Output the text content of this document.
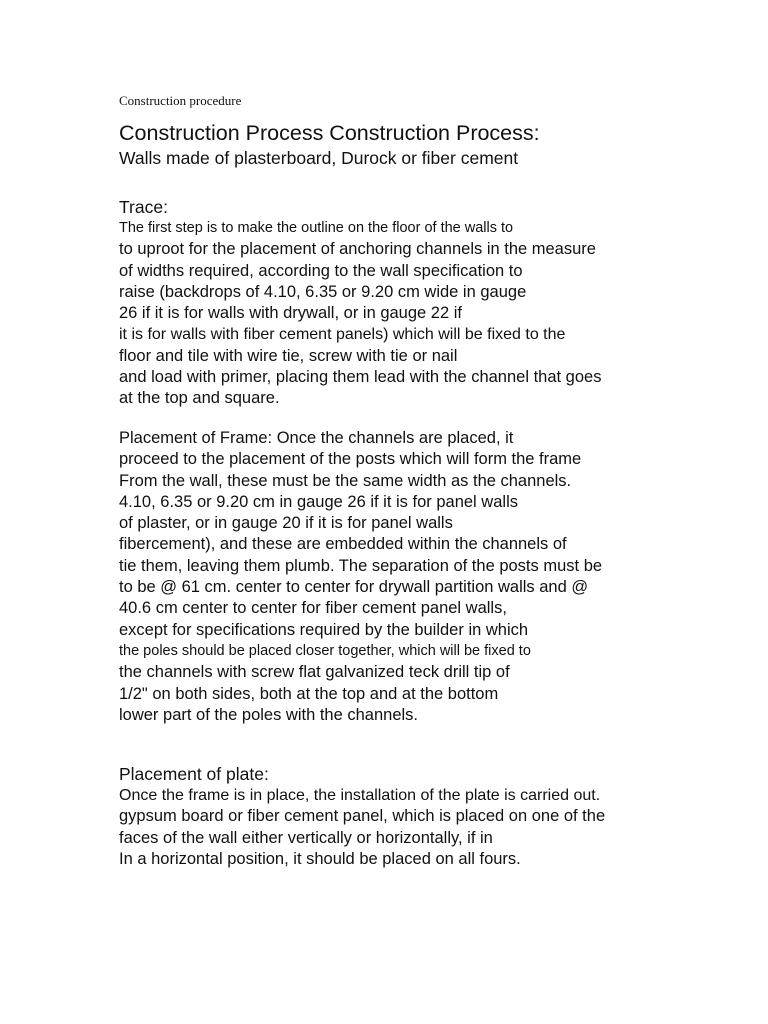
Construction procedure
Construction Process Construction Process:
Walls made of plasterboard, Durock or fiber cement
Trace:
The first step is to make the outline on the floor of the walls to
to uproot for the placement of anchoring channels in the measure
of widths required, according to the wall specification to
raise (backdrops of 4.10, 6.35 or 9.20 cm wide in gauge
26 if it is for walls with drywall, or in gauge 22 if
it is for walls with fiber cement panels) which will be fixed to the
floor and tile with wire tie, screw with tie or nail
and load with primer, placing them lead with the channel that goes
at the top and square.
Placement of Frame: Once the channels are placed, it
proceed to the placement of the posts which will form the frame
From the wall, these must be the same width as the channels.
4.10, 6.35 or 9.20 cm in gauge 26 if it is for panel walls
of plaster, or in gauge 20 if it is for panel walls
fibercement), and these are embedded within the channels of
tie them, leaving them plumb. The separation of the posts must be
to be @ 61 cm. center to center for drywall partition walls and @
40.6 cm center to center for fiber cement panel walls,
except for specifications required by the builder in which
the poles should be placed closer together, which will be fixed to
the channels with screw flat galvanized teck drill tip of
1/2" on both sides, both at the top and at the bottom
lower part of the poles with the channels.
Placement of plate:
Once the frame is in place, the installation of the plate is carried out.
gypsum board or fiber cement panel, which is placed on one of the
faces of the wall either vertically or horizontally, if in
In a horizontal position, it should be placed on all fours.
